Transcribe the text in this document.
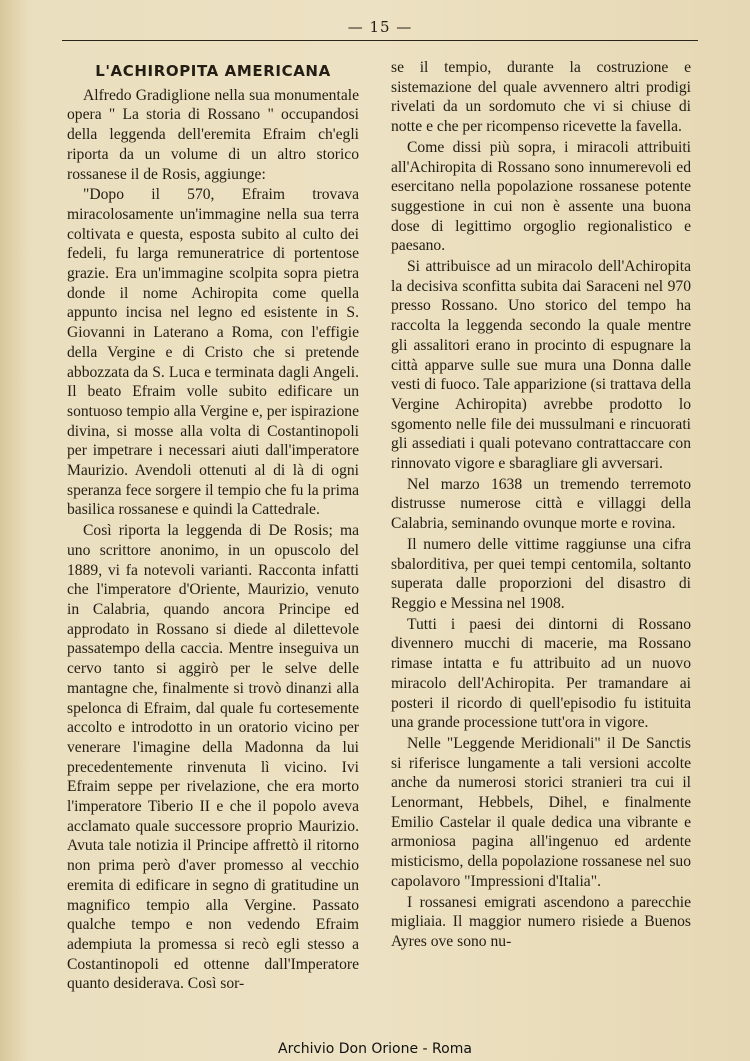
— 15 —
L'ACHIROPITA AMERICANA

Alfredo Gradiglione nella sua monumentale opera " La storia di Rossano " occupandosi della leggenda dell'eremita Efraim ch'egli riporta da un volume di un altro storico rossanese il de Rosis, aggiunge:

"Dopo il 570, Efraim trovava miracolosamente un'immagine nella sua terra coltivata e questa, esposta subito al culto dei fedeli, fu larga remuneratrice di portentose grazie. Era un'immagine scolpita sopra pietra donde il nome Achiropita come quella appunto incisa nel legno ed esistente in S. Giovanni in Laterano a Roma, con l'effigie della Vergine e di Cristo che si pretende abbozzata da S. Luca e terminata dagli Angeli. Il beato Efraim volle subito edificare un sontuoso tempio alla Vergine e, per ispirazione divina, si mosse alla volta di Costantinopoli per impetrare i necessari aiuti dall'imperatore Maurizio. Avendoli ottenuti al di là di ogni speranza fece sorgere il tempio che fu la prima basilica rossanese e quindi la Cattedrale.

Così riporta la leggenda di De Rosis; ma uno scrittore anonimo, in un opuscolo del 1889, vi fa notevoli varianti. Racconta infatti che l'imperatore d'Oriente, Maurizio, venuto in Calabria, quando ancora Principe ed approdato in Rossano si diede al dilettevole passatempo della caccia. Mentre inseguiva un cervo tanto si aggirò per le selve delle mantagne che, finalmente si trovò dinanzi alla spelonca di Efraim, dal quale fu cortesemente accolto e introdotto in un oratorio vicino per venerare l'imagine della Madonna da lui precedentemente rinvenuta lì vicino. Ivi Efraim seppe per rivelazione, che era morto l'imperatore Tiberio II e che il popolo aveva acclamato quale successore proprio Maurizio. Avuta tale notizia il Principe affrettò il ritorno non prima però d'aver promesso al vecchio eremita di edificare in segno di gratitudine un magnifico tempio alla Vergine. Passato qualche tempo e non vedendo Efraim adempiuta la promessa si recò egli stesso a Costantinopoli ed ottenne dall'Imperatore quanto desiderava. Così sor-

se il tempio, durante la costruzione e sistemazione del quale avvennero altri prodigi rivelati da un sordomuto che vi si chiuse di notte e che per ricompenso ricevette la favella.

Come dissi più sopra, i miracoli attribuiti all'Achiropita di Rossano sono innumerevoli ed esercitano nella popolazione rossanese potente suggestione in cui non è assente una buona dose di legittimo orgoglio regionalistico e paesano.

Si attribuisce ad un miracolo dell'Achiropita la decisiva sconfitta subita dai Saraceni nel 970 presso Rossano. Uno storico del tempo ha raccolta la leggenda secondo la quale mentre gli assalitori erano in procinto di espugnare la città apparve sulle sue mura una Donna dalle vesti di fuoco. Tale apparizione (si trattava della Vergine Achiropita) avrebbe prodotto lo sgomento nelle file dei mussulmani e rincuorati gli assediati i quali potevano contrattaccare con rinnovato vigore e sbaragliare gli avversari.

Nel marzo 1638 un tremendo terremoto distrusse numerose città e villaggi della Calabria, seminando ovunque morte e rovina.

Il numero delle vittime raggiunse una cifra sbalorditiva, per quei tempi centomila, soltanto superata dalle proporzioni del disastro di Reggio e Messina nel 1908.

Tutti i paesi dei dintorni di Rossano divennero mucchi di macerie, ma Rossano rimase intatta e fu attribuito ad un nuovo miracolo dell'Achiropita. Per tramandare ai posteri il ricordo di quell'episodio fu istituita una grande processione tutt'ora in vigore.

Nelle "Leggende Meridionali" il De Sanctis si riferisce lungamente a tali versioni accolte anche da numerosi storici stranieri tra cui il Lenormant, Hebbels, Dihel, e finalmente Emilio Castelar il quale dedica una vibrante e armoniosa pagina all'ingenuo ed ardente misticismo, della popolazione rossanese nel suo capolavoro "Impressioni d'Italia".

I rossanesi emigrati ascendono a parecchie migliaia. Il maggior numero risiede a Buenos Ayres ove sono nu-

Archivio Don Orione - Roma
